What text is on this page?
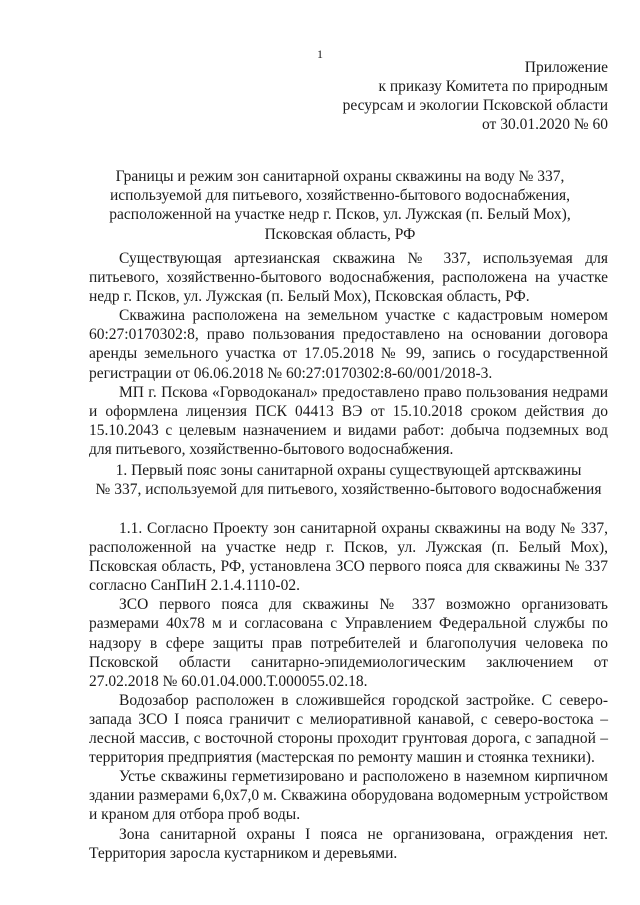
1
Приложение
к приказу Комитета по природным
ресурсам и экологии Псковской области
от 30.01.2020 № 60
Границы и режим зон санитарной охраны скважины на воду № 337,
используемой для питьевого, хозяйственно-бытового водоснабжения,
расположенной на участке недр г. Псков, ул. Лужская (п. Белый Мох),
Псковская область, РФ

Существующая артезианская скважина № 337, используемая для питьевого, хозяйственно-бытового водоснабжения, расположена на участке недр г. Псков, ул. Лужская (п. Белый Мох), Псковская область, РФ.

Скважина расположена на земельном участке с кадастровым номером 60:27:0170302:8, право пользования предоставлено на основании договора аренды земельного участка от 17.05.2018 № 99, запись о государственной регистрации от 06.06.2018 № 60:27:0170302:8-60/001/2018-3.

МП г. Пскова «Горводоканал» предоставлено право пользования недрами и оформлена лицензия ПСК 04413 ВЭ от 15.10.2018 сроком действия до 15.10.2043 с целевым назначением и видами работ: добыча подземных вод для питьевого, хозяйственно-бытового водоснабжения.

1. Первый пояс зоны санитарной охраны существующей артскважины
№ 337, используемой для питьевого, хозяйственно-бытового водоснабжения

1.1. Согласно Проекту зон санитарной охраны скважины на воду № 337, расположенной на участке недр г. Псков, ул. Лужская (п. Белый Мох), Псковская область, РФ, установлена ЗСО первого пояса для скважины № 337 согласно СанПиН 2.1.4.1110-02.

ЗСО первого пояса для скважины № 337 возможно организовать размерами 40х78 м и согласована с Управлением Федеральной службы по надзору в сфере защиты прав потребителей и благополучия человека по Псковской области санитарно-эпидемиологическим заключением от 27.02.2018 № 60.01.04.000.Т.000055.02.18.

Водозабор расположен в сложившейся городской застройке. С северо-запада ЗСО I пояса граничит с мелиоративной канавой, с северо-востока – лесной массив, с восточной стороны проходит грунтовая дорога, с западной – территория предприятия (мастерская по ремонту машин и стоянка техники).

Устье скважины герметизировано и расположено в наземном кирпичном здании размерами 6,0х7,0 м. Скважина оборудована водомерным устройством и краном для отбора проб воды.

Зона санитарной охраны I пояса не организована, ограждения нет. Территория заросла кустарником и деревьями.
